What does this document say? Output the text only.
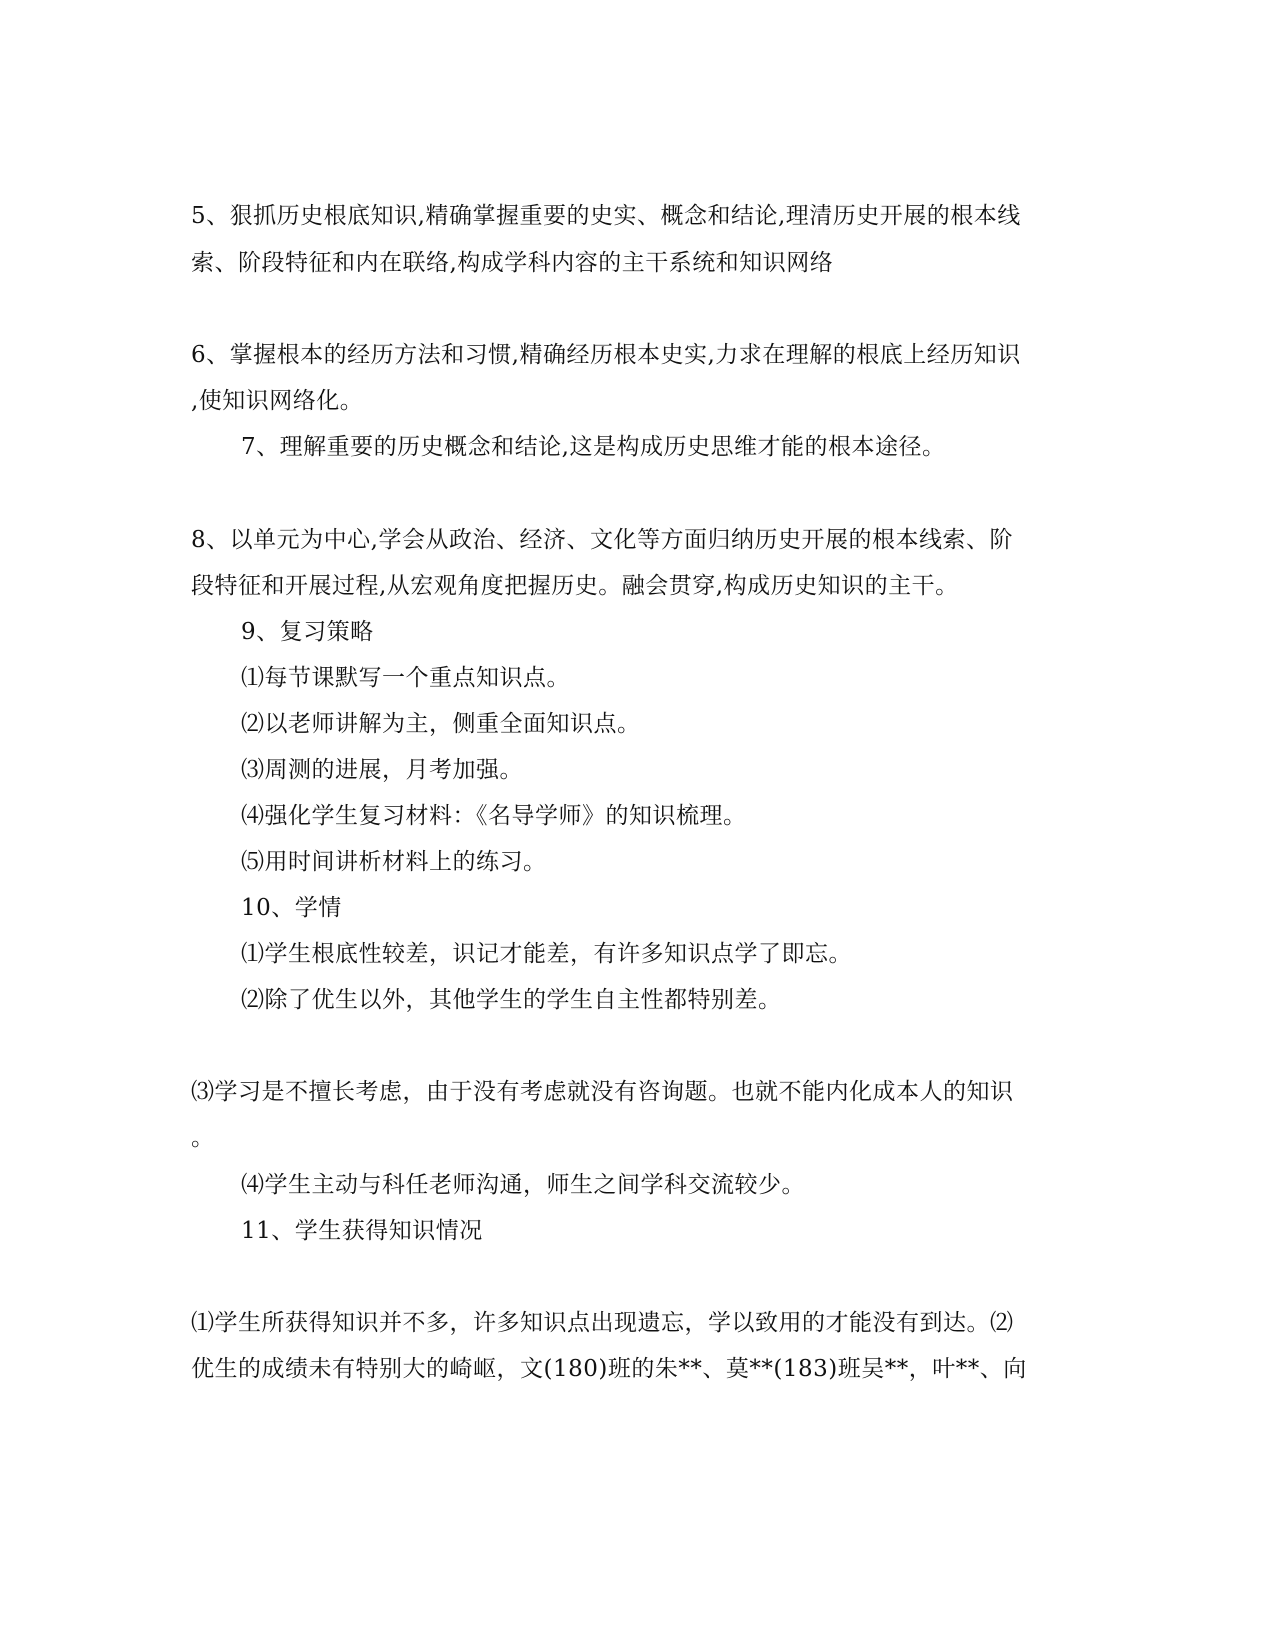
5、狠抓历史根底知识,精确掌握重要的史实、概念和结论,理清历史开展的根本线
索、阶段特征和内在联络,构成学科内容的主干系统和知识网络
6、掌握根本的经历方法和习惯,精确经历根本史实,力求在理解的根底上经历知识
,使知识网络化。
7、理解重要的历史概念和结论,这是构成历史思维才能的根本途径。
8、以单元为中心,学会从政治、经济、文化等方面归纳历史开展的根本线索、阶
段特征和开展过程,从宏观角度把握历史。融会贯穿,构成历史知识的主干。
9、复习策略
⑴每节课默写一个重点知识点。
⑵以老师讲解为主，侧重全面知识点。
⑶周测的进展，月考加强。
⑷强化学生复习材料：《名导学师》的知识梳理。
⑸用时间讲析材料上的练习。
10、学情
⑴学生根底性较差，识记才能差，有许多知识点学了即忘。
⑵除了优生以外，其他学生的学生自主性都特别差。
⑶学习是不擅长考虑，由于没有考虑就没有咨询题。也就不能内化成本人的知识
。
⑷学生主动与科任老师沟通，师生之间学科交流较少。
11、学生获得知识情况
⑴学生所获得知识并不多，许多知识点出现遗忘，学以致用的才能没有到达。⑵
优生的成绩未有特别大的崎岖，文(180)班的朱**、莫**(183)班吴**，叶**、向
